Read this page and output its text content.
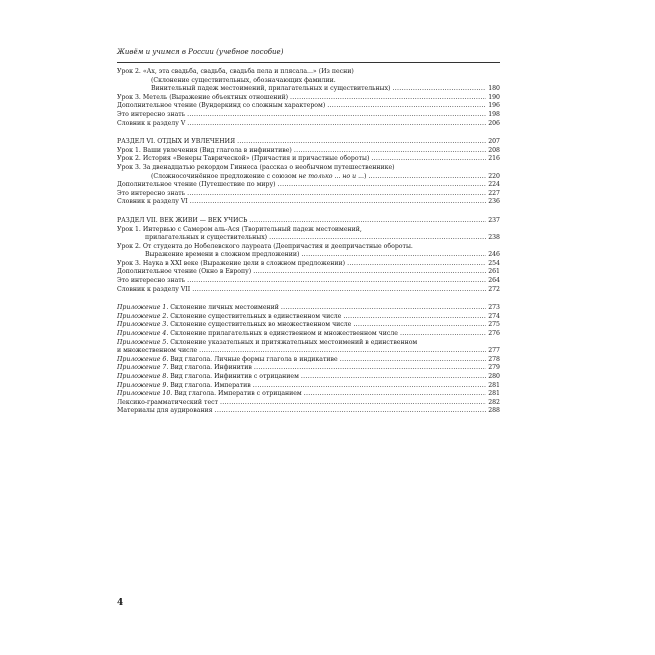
Живём и учимся в России (учебное пособие)
Урок 2. «Ах, эта свадьба, свадьба, свадьба пела и плясала...» (Из песни)
(Склонение существительных, обозначающих фамилии.
Винительный падеж местоимений, прилагательных и существительных) .....	180
Урок 3. Метель (Выражение объектных отношений) .....	190
Дополнительное чтение (Вундеркинд со сложным характером) .....	196
Это интересно знать .....	198
Словник к разделу V .....	206
РАЗДЕЛ VI. ОТДЫХ И УВЛЕЧЕНИЯ .....	207
Урок 1. Ваши увлечения (Вид глагола в инфинитиве) .....	208
Урок 2. История «Венеры Таврической» (Причастия и причастные обороты) .....	216
Урок 3. За двенадцатью рекордом Гиннеса (рассказ о необычном путешественнике)
(Сложносочинённое предложение с союзом не только ... но и ...) .....	220
Дополнительное чтение (Путешествие по миру) .....	224
Это интересно знать .....	227
Словник к разделу VI .....	236
РАЗДЕЛ VII. ВЕК ЖИВИ — ВЕК УЧИСЬ .....	237
Урок 1. Интервью с Самером аль-Ася (Творительный падеж местоимений,
прилагательных и существительных) .....	238
Урок 2. От студента до Нобелевского лауреата (Деепричастия и деепричастные обороты.
Выражение времени в сложном предложении) .....	246
Урок 3. Наука в XXI веке (Выражение цели в сложном предложении) .....	254
Дополнительное чтение (Окно в Европу) .....	261
Это интересно знать .....	264
Словник к разделу VII .....	272
Приложение 1. Склонение личных местоимений .....	273
Приложение 2. Склонение существительных в единственном числе .....	274
Приложение 3. Склонение существительных во множественном числе .....	275
Приложение 4. Склонение прилагательных в единственном и множественном числе .....	276
Приложение 5. Склонение указательных и притяжательных местоимений в единственном
и множественном числе .....	277
Приложение 6. Вид глагола. Личные формы глагола в индикативе .....	278
Приложение 7. Вид глагола. Инфинитив .....	279
Приложение 8. Вид глагола. Инфинитив с отрицанием .....	280
Приложение 9. Вид глагола. Императив .....	281
Приложение 10. Вид глагола. Императив с отрицанием .....	281
Лексико-грамматический тест .....	282
Материалы для аудирования .....	288
4
